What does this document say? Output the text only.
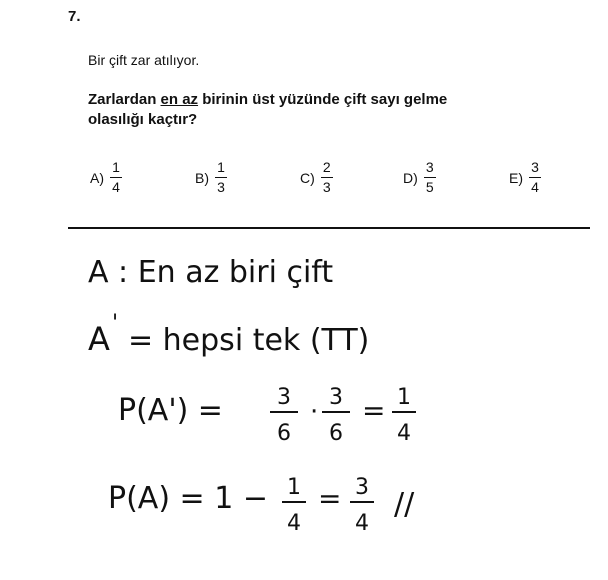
7.
Bir çift zar atılıyor.
Zarlardan en az birinin üst yüzünde çift sayı gelme
olasılığı kaçtır?
$A) \frac{1}{4}$	$B) \frac{1}{3}$	$C) \frac{2}{3}$	$D) \frac{3}{5}$	$E) \frac{3}{4}$
A : En az biri çift
A ' = hepsi tek (TT)
P(A') = 3
6
· 3
6
= 1
4
P(A) = 1 − 1
4
= 3
4
//
